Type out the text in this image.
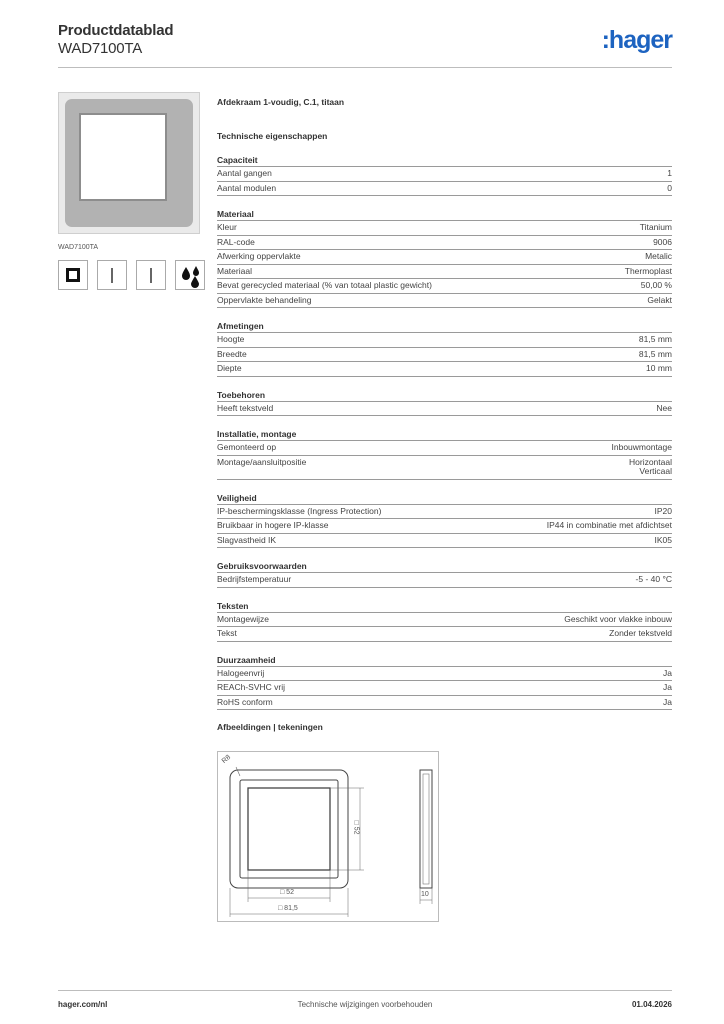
Productdatablad
WAD7100TA	:hager
WAD7100TA
Afdekraam 1-voudig, C.1, titaan
Technische eigenschappen
Capaciteit
Aantal gangen	1
Aantal modulen	0
Materiaal
Kleur	Titanium
RAL-code	9006
Afwerking oppervlakte	Metalic
Materiaal	Thermoplast
Bevat gerecycled materiaal (% van totaal plastic gewicht)	50,00 %
Oppervlakte behandeling	Gelakt
Afmetingen
Hoogte	81,5 mm
Breedte	81,5 mm
Diepte	10 mm
Toebehoren
Heeft tekstveld	Nee
Installatie, montage
Gemonteerd op	Inbouwmontage
Montage/aansluitpositie	Horizontaal
Verticaal
Veiligheid
IP-beschermingsklasse (Ingress Protection)	IP20
Bruikbaar in hogere IP-klasse	IP44 in combinatie met afdichtset
Slagvastheid IK	IK05
Gebruiksvoorwaarden
Bedrijfstemperatuur	-5 - 40 °C
Teksten
Montagewijze	Geschikt voor vlakke inbouw
Tekst	Zonder tekstveld
Duurzaamheid
Halogeenvrij	Ja
REACh-SVHC vrij	Ja
RoHS conform	Ja
Afbeeldingen | tekeningen
R8
□ 52
□ 52
□ 81,5
10
hager.com/nl	Technische wijzigingen voorbehouden	01.04.2026
